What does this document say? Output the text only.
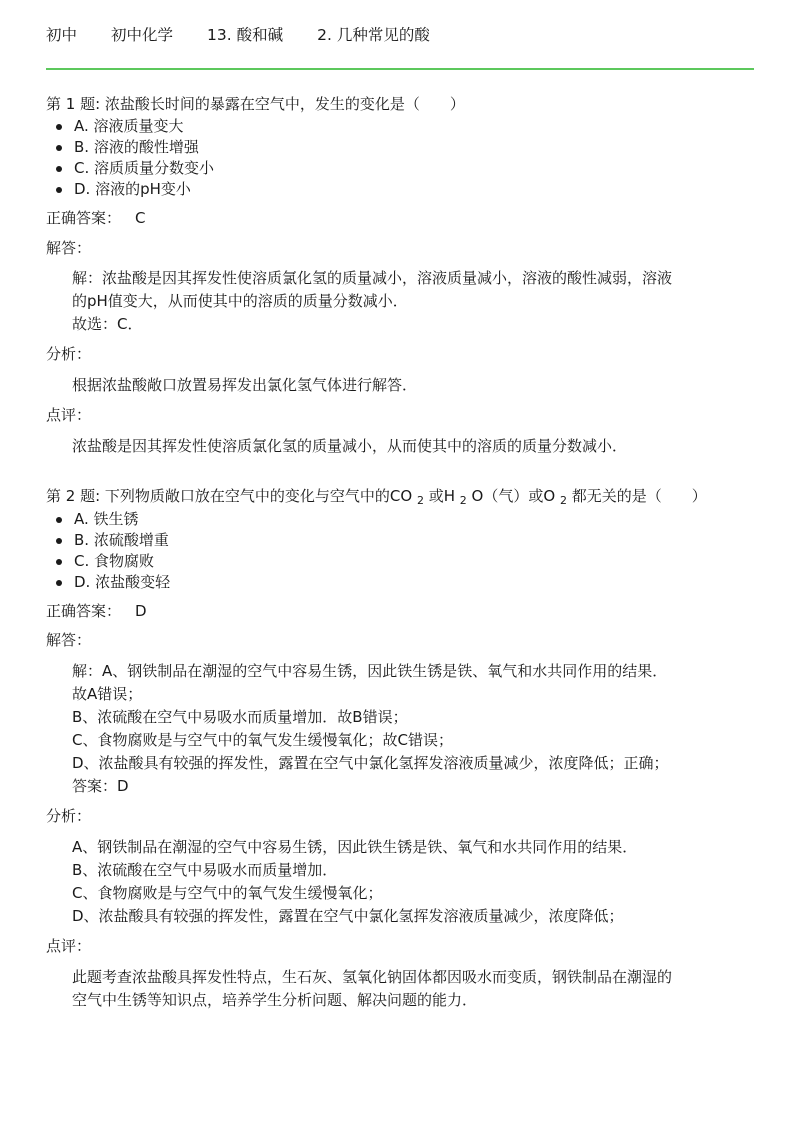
初中 初中化学 13. 酸和碱 2. 几种常见的酸

第 1 题: 浓盐酸长时间的暴露在空气中，发生的变化是（　　）

A. 溶液质量变大
B. 溶液的酸性增强
C. 溶质质量分数变小
D. 溶液的pH变小
正确答案： C
解答：

解：浓盐酸是因其挥发性使溶质氯化氢的质量减小，溶液质量减小，溶液的酸性减弱，溶液

的pH值变大，从而使其中的溶质的质量分数减小．

故选：C．

分析：

根据浓盐酸敞口放置易挥发出氯化氢气体进行解答．

点评：

浓盐酸是因其挥发性使溶质氯化氢的质量减小，从而使其中的溶质的质量分数减小．

第 2 题: 下列物质敞口放在空气中的变化与空气中的CO $_2$ 或H $_2$ O（气）或O $_2$ 都无关的是（　　）

A. 铁生锈
B. 浓硫酸增重
C. 食物腐败
D. 浓盐酸变轻
正确答案： D
解答：

解：A、钢铁制品在潮湿的空气中容易生锈，因此铁生锈是铁、氧气和水共同作用的结果．

故A错误；

B、浓硫酸在空气中易吸水而质量增加．故B错误；

C、食物腐败是与空气中的氧气发生缓慢氧化；故C错误；

D、浓盐酸具有较强的挥发性，露置在空气中氯化氢挥发溶液质量减少，浓度降低；正确；

答案：D

分析：

A、钢铁制品在潮湿的空气中容易生锈，因此铁生锈是铁、氧气和水共同作用的结果．

B、浓硫酸在空气中易吸水而质量增加．

C、食物腐败是与空气中的氧气发生缓慢氧化；

D、浓盐酸具有较强的挥发性，露置在空气中氯化氢挥发溶液质量减少，浓度降低；

点评：

此题考查浓盐酸具挥发性特点，生石灰、氢氧化钠固体都因吸水而变质，钢铁制品在潮湿的

空气中生锈等知识点，培养学生分析问题、解决问题的能力．
